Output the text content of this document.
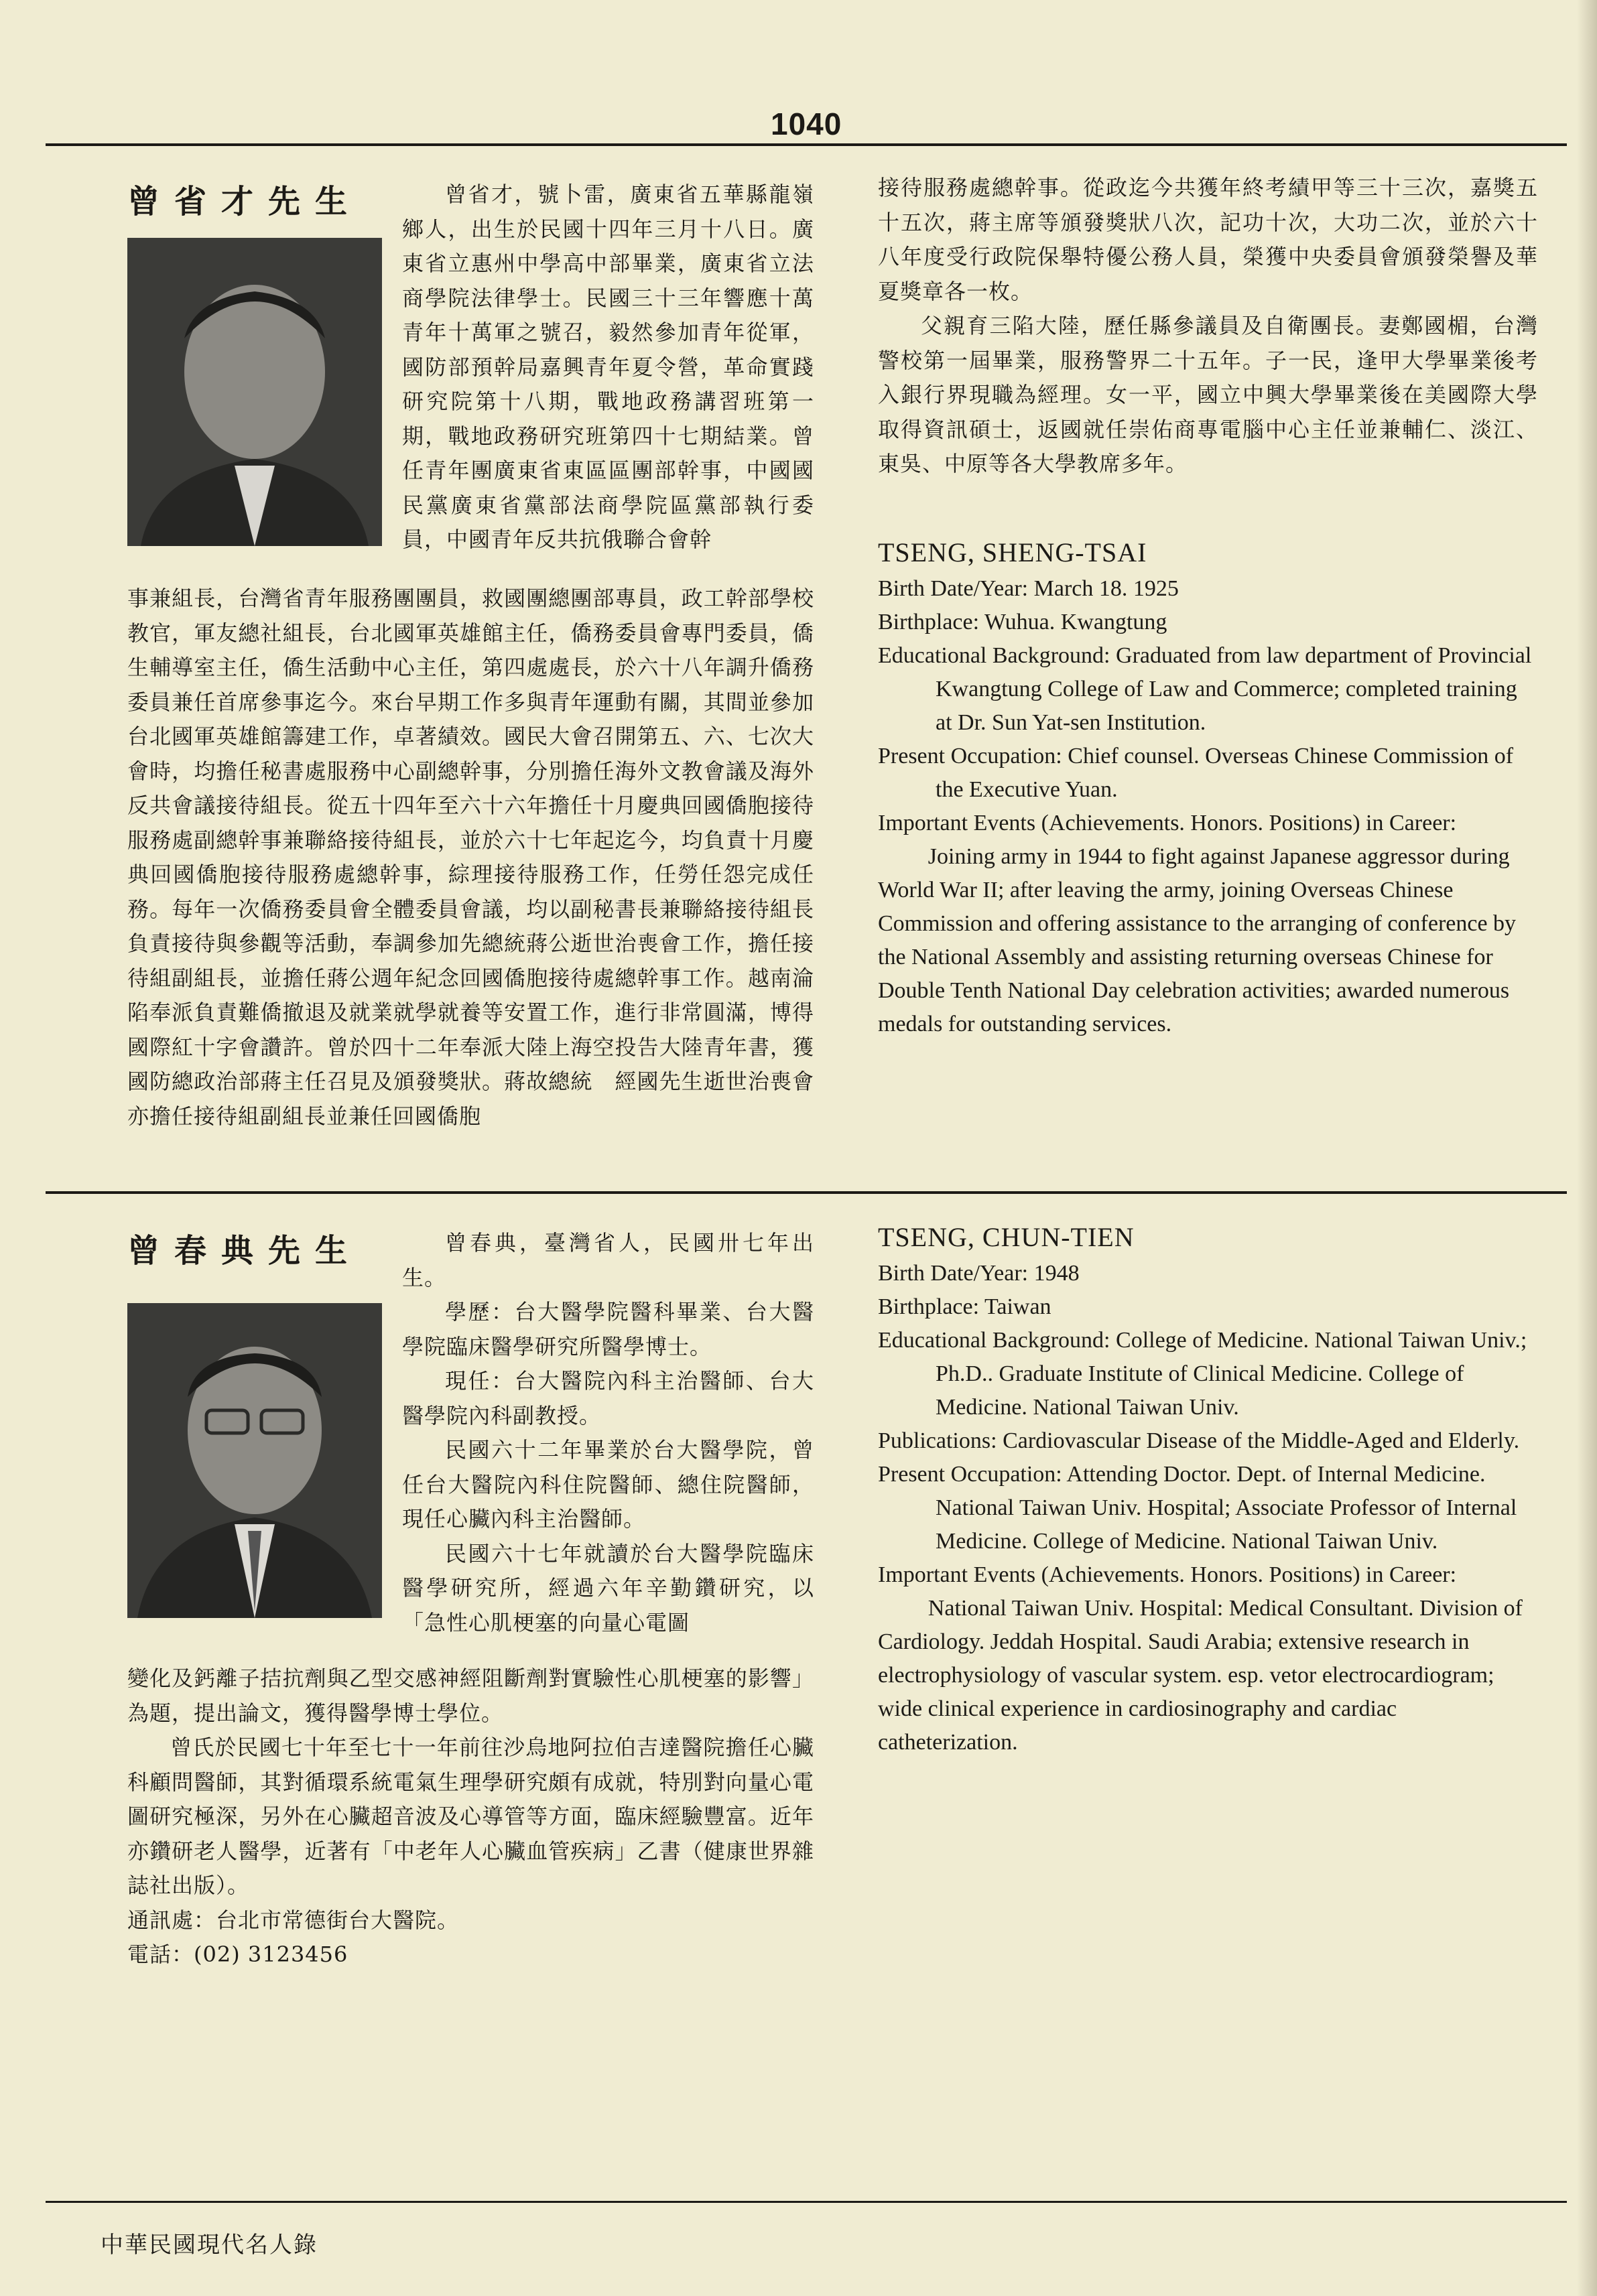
1040
曾省才先生	曾省才，號卜雷，廣東省五華縣龍嶺鄉人，出生於民國十四年三月十八日。廣東省立惠州中學高中部畢業，廣東省立法商學院法律學士。民國三十三年響應十萬青年十萬軍之號召，毅然參加青年從軍，國防部預幹局嘉興青年夏令營，革命實踐研究院第十八期，戰地政務講習班第一期，戰地政務研究班第四十七期結業。曾任青年團廣東省東區區團部幹事，中國國民黨廣東省黨部法商學院區黨部執行委員，中國青年反共抗俄聯合會幹

事兼組長，台灣省青年服務團團員，救國團總團部專員，政工幹部學校教官，軍友總社組長，台北國軍英雄館主任，僑務委員會專門委員，僑生輔導室主任，僑生活動中心主任，第四處處長，於六十八年調升僑務委員兼任首席參事迄今。來台早期工作多與青年運動有關，其間並參加台北國軍英雄館籌建工作，卓著績效。國民大會召開第五、六、七次大會時，均擔任秘書處服務中心副總幹事，分別擔任海外文教會議及海外反共會議接待組長。從五十四年至六十六年擔任十月慶典回國僑胞接待服務處副總幹事兼聯絡接待組長，並於六十七年起迄今，均負責十月慶典回國僑胞接待服務處總幹事，綜理接待服務工作，任勞任怨完成任務。每年一次僑務委員會全體委員會議，均以副秘書長兼聯絡接待組長負責接待與參觀等活動，奉調參加先總統蔣公逝世治喪會工作，擔任接待組副組長，並擔任蔣公週年紀念回國僑胞接待處總幹事工作。越南淪陷奉派負責難僑撤退及就業就學就養等安置工作，進行非常圓滿，博得國際紅十字會讚許。曾於四十二年奉派大陸上海空投告大陸青年書，獲國防總政治部蔣主任召見及頒發獎狀。蔣故總統　經國先生逝世治喪會亦擔任接待組副組長並兼任回國僑胞

接待服務處總幹事。從政迄今共獲年終考績甲等三十三次，嘉獎五十五次，蔣主席等頒發獎狀八次，記功十次，大功二次，並於六十八年度受行政院保舉特優公務人員，榮獲中央委員會頒發榮譽及華夏獎章各一枚。

父親育三陷大陸，歷任縣參議員及自衛團長。妻鄭國楣，台灣警校第一屆畢業，服務警界二十五年。子一民，逢甲大學畢業後考入銀行界現職為經理。女一平，國立中興大學畢業後在美國際大學取得資訊碩士，返國就任崇佑商專電腦中心主任並兼輔仁、淡江、東吳、中原等各大學教席多年。

TSENG, SHENG-TSAI

Birth Date/Year: March 18. 1925

Birthplace: Wuhua. Kwangtung

Educational Background: Graduated from law department of Provincial Kwangtung College of Law and Commerce; completed training at Dr. Sun Yat-sen Institution.

Present Occupation: Chief counsel. Overseas Chinese Commission of the Executive Yuan.

Important Events (Achievements. Honors. Positions) in Career:

Joining army in 1944 to fight against Japanese aggressor during World War II; after leaving the army, joining Overseas Chinese Commission and offering assistance to the arranging of conference by the National Assembly and assisting returning overseas Chinese for Double Tenth National Day celebration activities; awarded numerous medals for outstanding services.

曾春典先生	曾春典，臺灣省人，民國卅七年出生。

學歷：台大醫學院醫科畢業、台大醫學院臨床醫學研究所醫學博士。

現任：台大醫院內科主治醫師、台大醫學院內科副教授。

民國六十二年畢業於台大醫學院，曾任台大醫院內科住院醫師、總住院醫師，現任心臟內科主治醫師。

民國六十七年就讀於台大醫學院臨床醫學研究所，經過六年辛勤鑽研究，以「急性心肌梗塞的向量心電圖

變化及鈣離子拮抗劑與乙型交感神經阻斷劑對實驗性心肌梗塞的影響」為題，提出論文，獲得醫學博士學位。

曾氏於民國七十年至七十一年前往沙烏地阿拉伯吉達醫院擔任心臟科顧問醫師，其對循環系統電氣生理學研究頗有成就，特別對向量心電圖研究極深，另外在心臟超音波及心導管等方面，臨床經驗豐富。近年亦鑽研老人醫學，近著有「中老年人心臟血管疾病」乙書（健康世界雜誌社出版）。

通訊處：台北市常德街台大醫院。

電話：(02) 3123456

TSENG, CHUN-TIEN

Birth Date/Year: 1948

Birthplace: Taiwan

Educational Background: College of Medicine. National Taiwan Univ.; Ph.D.. Graduate Institute of Clinical Medicine. College of Medicine. National Taiwan Univ.

Publications: Cardiovascular Disease of the Middle-Aged and Elderly.

Present Occupation: Attending Doctor. Dept. of Internal Medicine. National Taiwan Univ. Hospital; Associate Professor of Internal Medicine. College of Medicine. National Taiwan Univ.

Important Events (Achievements. Honors. Positions) in Career:

National Taiwan Univ. Hospital: Medical Consultant. Division of Cardiology. Jeddah Hospital. Saudi Arabia; extensive research in electrophysiology of vascular system. esp. vetor electrocardiogram; wide clinical experience in cardiosinography and cardiac catheterization.

中華民國現代名人錄
